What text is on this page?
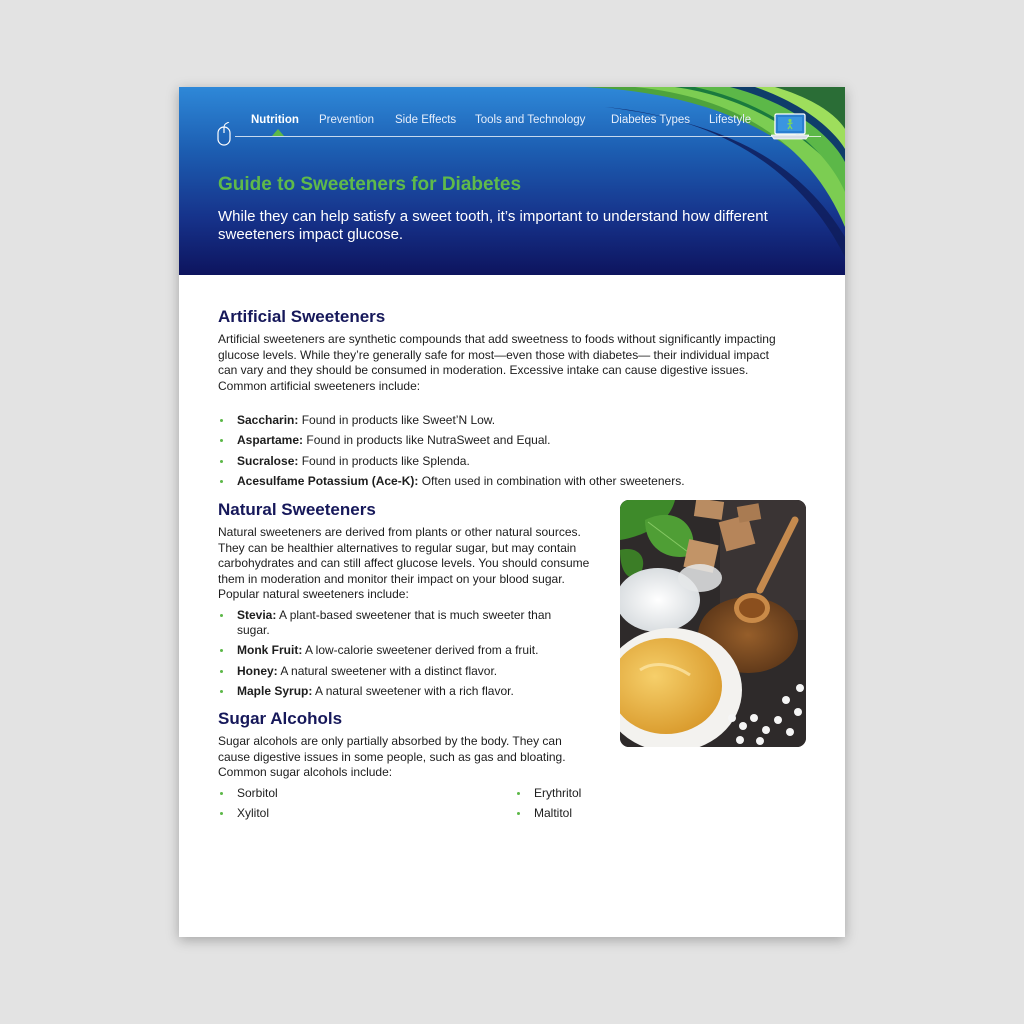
Nutrition Prevention Side Effects Tools and Technology Diabetes Types Lifestyle
Guide to Sweeteners for Diabetes

While they can help satisfy a sweet tooth, it’s important to understand how different sweeteners impact glucose.

Artificial Sweeteners

Artificial sweeteners are synthetic compounds that add sweetness to foods without significantly impacting glucose levels. While they’re generally safe for most—even those with diabetes— their individual impact can vary and they should be consumed in moderation. Excessive intake can cause digestive issues. Common artificial sweeteners include:

Saccharin: Found in products like Sweet’N Low.
Aspartame: Found in products like NutraSweet and Equal.
Sucralose: Found in products like Splenda.
Acesulfame Potassium (Ace-K): Often used in combination with other sweeteners.
Natural Sweeteners

Natural sweeteners are derived from plants or other natural sources. They can be healthier alternatives to regular sugar, but may contain carbohydrates and can still affect glucose levels. You should consume them in moderation and monitor their impact on your blood sugar. Popular natural sweeteners include:

Stevia: A plant-based sweetener that is much sweeter than sugar.
Monk Fruit: A low-calorie sweetener derived from a fruit.
Honey: A natural sweetener with a distinct flavor.
Maple Syrup: A natural sweetener with a rich flavor.
Sugar Alcohols

Sugar alcohols are only partially absorbed by the body. They can cause digestive issues in some people, such as gas and bloating. Common sugar alcohols include:

Sorbitol
Xylitol
Erythritol
Maltitol
